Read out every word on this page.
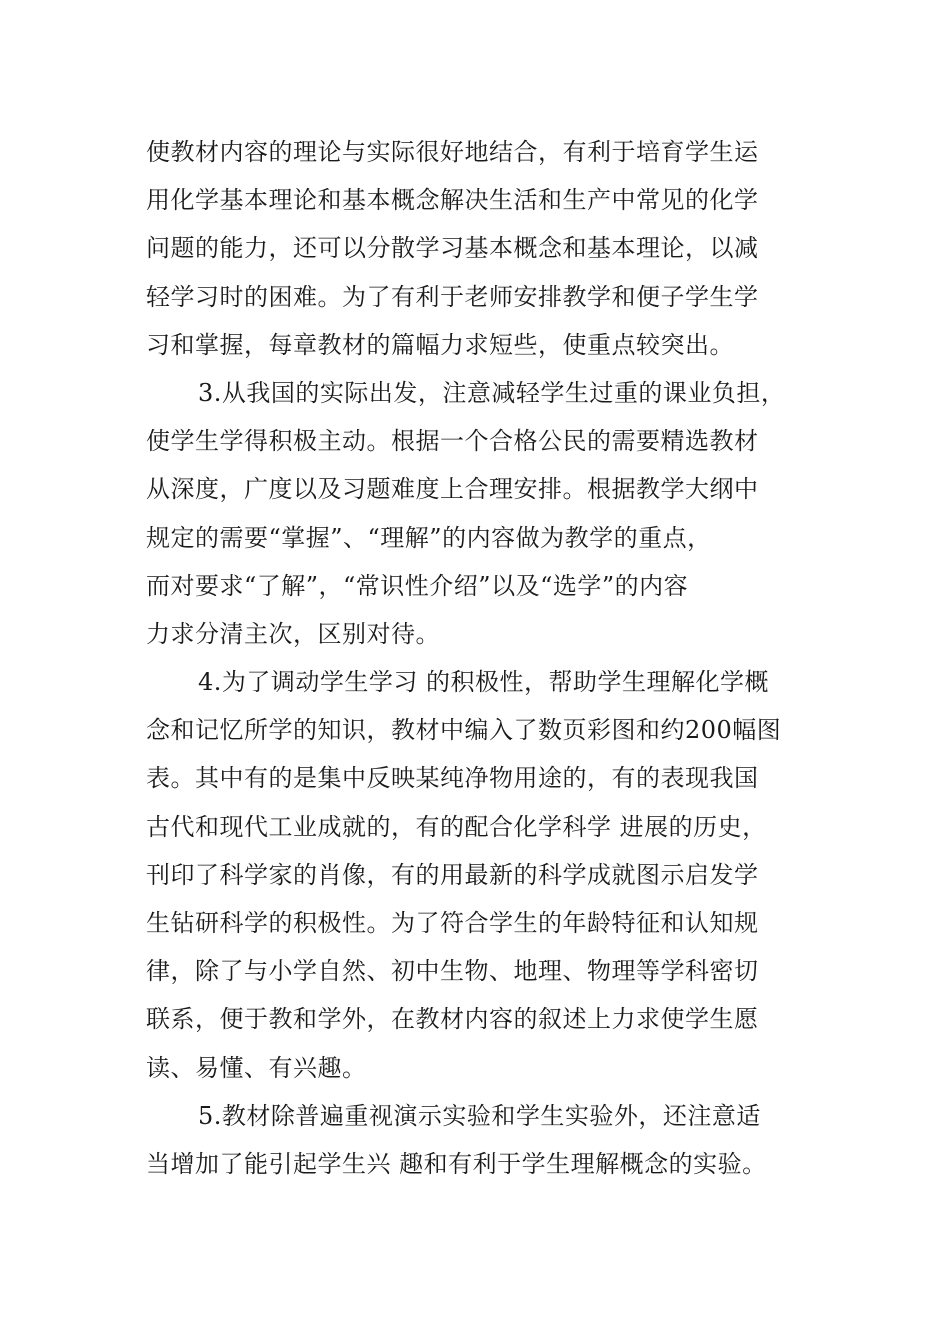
使教材内容的理论与实际很好地结合，有利于培育学生运
用化学基本理论和基本概念解决生活和生产中常见的化学
问题的能力，还可以分散学习基本概念和基本理论，以减
轻学习时的困难。为了有利于老师安排教学和便子学生学
习和掌握，每章教材的篇幅力求短些，使重点较突出。
3.从我国的实际出发，注意减轻学生过重的课业负担，
使学生学得积极主动。根据一个合格公民的需要精选教材
从深度，广度以及习题难度上合理安排。根据教学大纲中
规定的需要“掌握”、“理解”的内容做为教学的重点，
而对要求“了解”，“常识性介绍”以及“选学”的内容
力求分清主次，区别对待。
4.为了调动学生学习 的积极性，帮助学生理解化学概
念和记忆所学的知识，教材中编入了数页彩图和约200幅图
表。其中有的是集中反映某纯净物用途的，有的表现我国
古代和现代工业成就的，有的配合化学科学 进展的历史，
刊印了科学家的肖像，有的用最新的科学成就图示启发学
生钻研科学的积极性。为了符合学生的年龄特征和认知规
律，除了与小学自然、初中生物、地理、物理等学科密切
联系，便于教和学外，在教材内容的叙述上力求使学生愿
读、易懂、有兴趣。
5.教材除普遍重视演示实验和学生实验外，还注意适
当增加了能引起学生兴 趣和有利于学生理解概念的实验。
